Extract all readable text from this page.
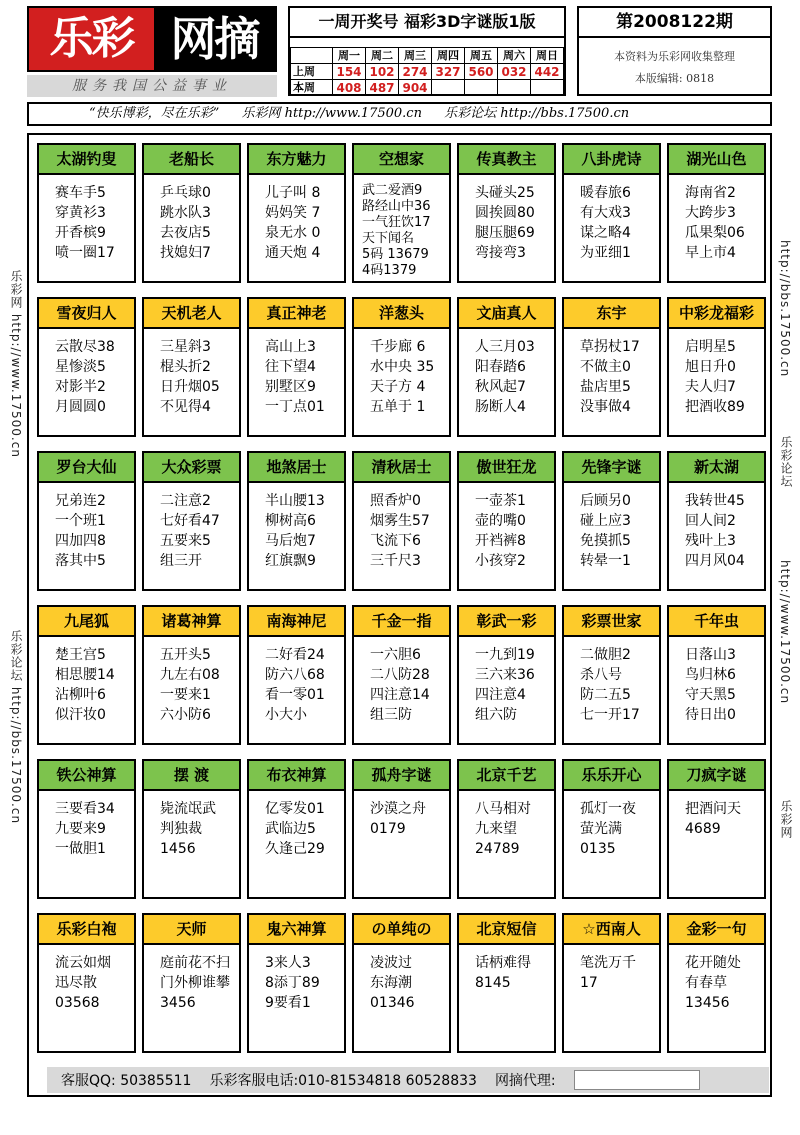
乐彩 网摘
服务我国公益事业
一周开奖号 福彩3D字谜版1版
	周一	周二	周三	周四	周五	周六	周日
上周	154	102	274	327	560	032	442
本周	408	487	904				
第2008122期
本资料为乐彩网收集整理
本版编辑: 0818
“快乐博彩，尽在乐彩” 乐彩网 http://www.17500.cn 乐彩论坛 http://bbs.17500.cn
乐彩网 http://www.17500.cn
乐彩论坛 http://bbs.17500.cn
http://bbs.17500.cn
乐彩论坛
http://www.17500.cn
乐彩网
客服QQ: 50385511 乐彩客服电话:010-81534818 60528833 网摘代理:
太湖钓叟
赛车手5
穿黄衫3
开香槟9
喷一圈17
老船长
乒乓球0
跳水队3
去夜店5
找媳妇7
东方魅力
儿子叫 8
妈妈笑 7
泉无水 0
通天炮 4
空想家
武二爱酒9
路经山中36
一气狂饮17
天下闻名
5码 13679
4码1379
传真教主
头碰头25
圆挨圆80
腿压腿69
弯接弯3
八卦虎诗
暖春旅6
有大戏3
谋之略4
为亚细1
湖光山色
海南省2
大跨步3
瓜果梨06
早上市4
雪夜归人
云散尽38
星惨淡5
对影半2
月圆圆0
天机老人
三星斜3
棍头折2
日升烟05
不见得4
真正神老
高山上3
往下望4
别墅区9
一丁点01
洋葱头
千步廊 6
水中央 35
天子方 4
五单于 1
文庙真人
人三月03
阳春踏6
秋风起7
肠断人4
东宇
草拐杖17
不做主0
盐店里5
没事做4
中彩龙福彩
启明星5
旭日升0
夫人归7
把酒收89
罗台大仙
兄弟连2
一个班1
四加四8
落其中5
大众彩票
二注意2
七好看47
五要来5
组三开
地煞居士
半山腰13
柳树高6
马后炮7
红旗飘9
清秋居士
照香炉0
烟雾生57
飞流下6
三千尺3
傲世狂龙
一壶茶1
壶的嘴0
开裆裤8
小孩穿2
先锋字谜
后顾另0
碰上应3
免摸抓5
转晕一1
新太湖
我转世45
回人间2
残叶上3
四月风04
九尾狐
楚王宫5
相思腰14
沾柳叶6
似汗妆0
诸葛神算
五开头5
九左右08
一要来1
六小防6
南海神尼
二好看24
防六八68
看一零01
小大小
千金一指
一六胆6
二八防28
四注意14
组三防
彰武一彩
一九到19
三六来36
四注意4
组六防
彩票世家
二做胆2
杀八号
防二五5
七一开17
千年虫
日落山3
鸟归林6
守天黑5
待日出0
铁公神算
三要看34
九要来9
一做胆1
摆 渡
毙流氓武
判独裁
1456
布衣神算
亿零发01
武临边5
久逢己29
孤舟字谜
沙漠之舟
0179
北京千艺
八马相对
九来望
24789
乐乐开心
孤灯一夜
萤光满
0135
刀疯字谜
把酒问天
4689
乐彩白袍
流云如烟
迅尽散
03568
天师
庭前花不扫
门外柳谁攀
3456
鬼六神算
3来人3
8添丁89
9要看1
の单纯の
凌波过
东海潮
01346
北京短信
话柄难得
8145
☆西南人
笔洗万千
17
金彩一句
花开随处
有春草
13456
